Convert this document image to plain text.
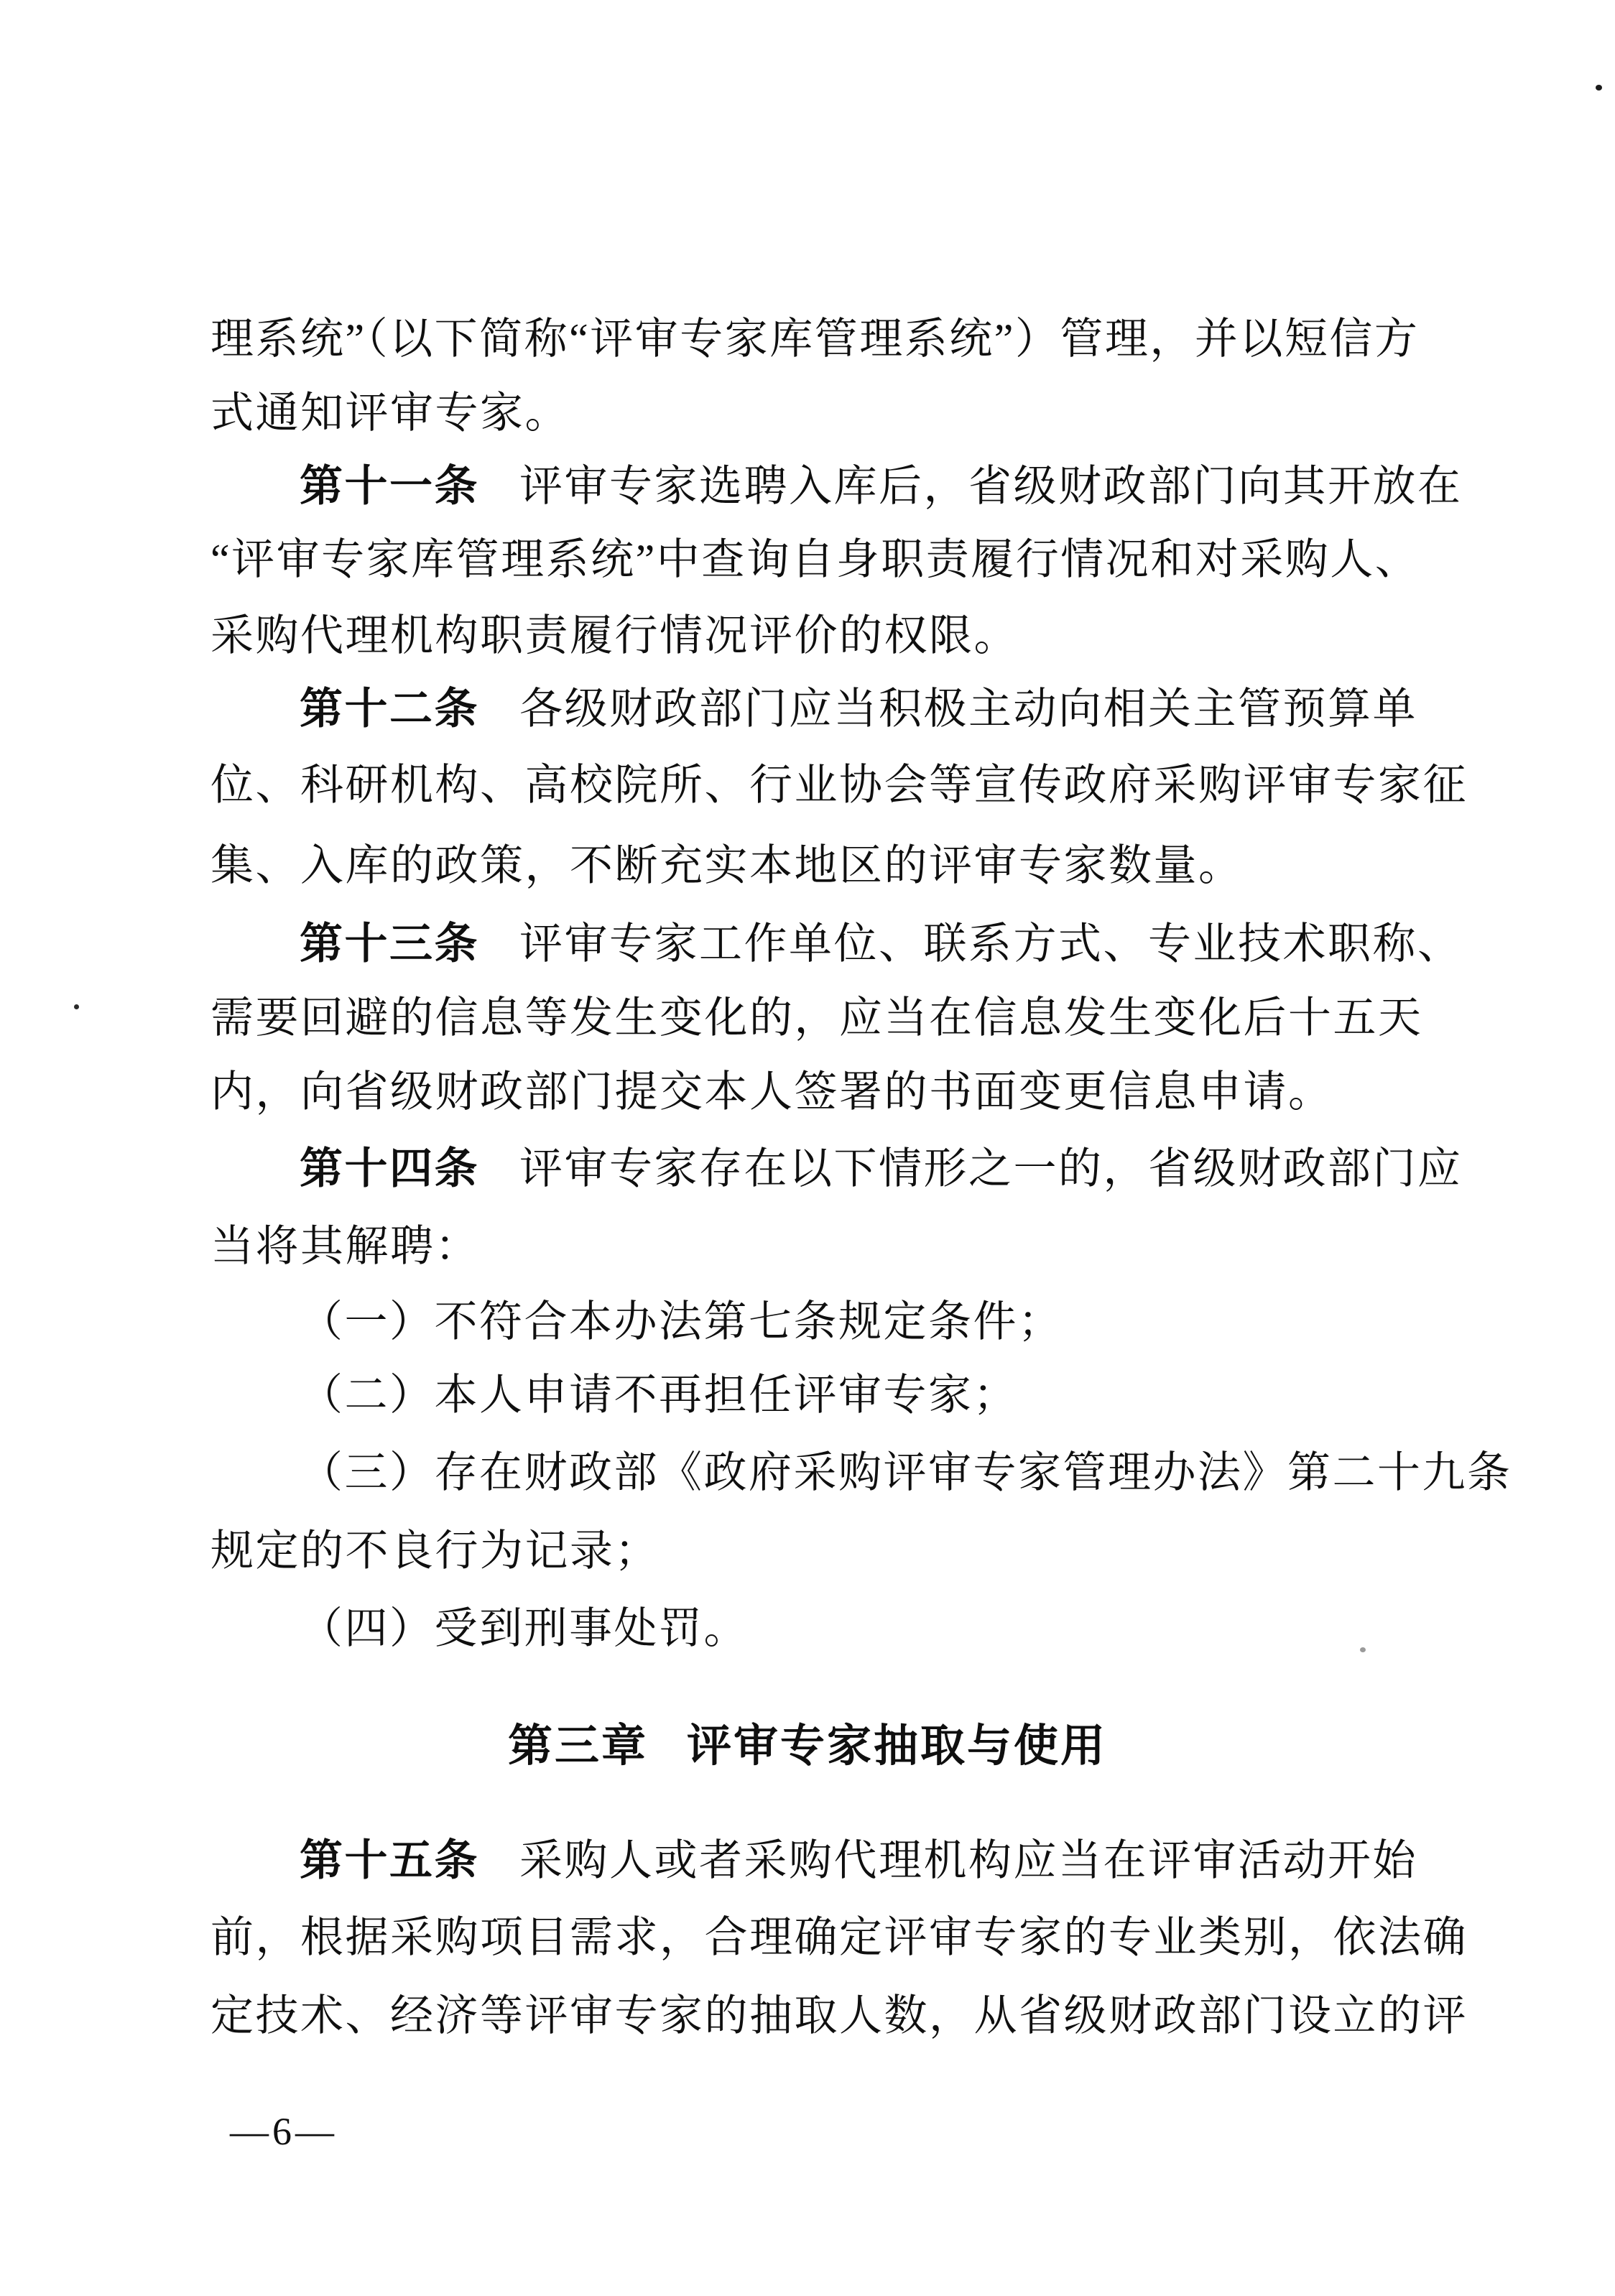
理系统”（以下简称“评审专家库管理系统”）管理，并以短信方
式通知评审专家。
第十一条 评审专家选聘入库后，省级财政部门向其开放在
“评审专家库管理系统”中查询自身职责履行情况和对采购人、
采购代理机构职责履行情况评价的权限。
第十二条 各级财政部门应当积极主动向相关主管预算单
位、科研机构、高校院所、行业协会等宣传政府采购评审专家征
集、入库的政策，不断充实本地区的评审专家数量。
第十三条 评审专家工作单位、联系方式、专业技术职称、
需要回避的信息等发生变化的，应当在信息发生变化后十五天
内，向省级财政部门提交本人签署的书面变更信息申请。
第十四条 评审专家存在以下情形之一的，省级财政部门应
当将其解聘：
（一）不符合本办法第七条规定条件；
（二）本人申请不再担任评审专家；
（三）存在财政部《政府采购评审专家管理办法》第二十九条
规定的不良行为记录；
（四）受到刑事处罚。
第十五条 采购人或者采购代理机构应当在评审活动开始
前，根据采购项目需求，合理确定评审专家的专业类别，依法确
定技术、经济等评审专家的抽取人数，从省级财政部门设立的评
第三章 评审专家抽取与使用
—6—
